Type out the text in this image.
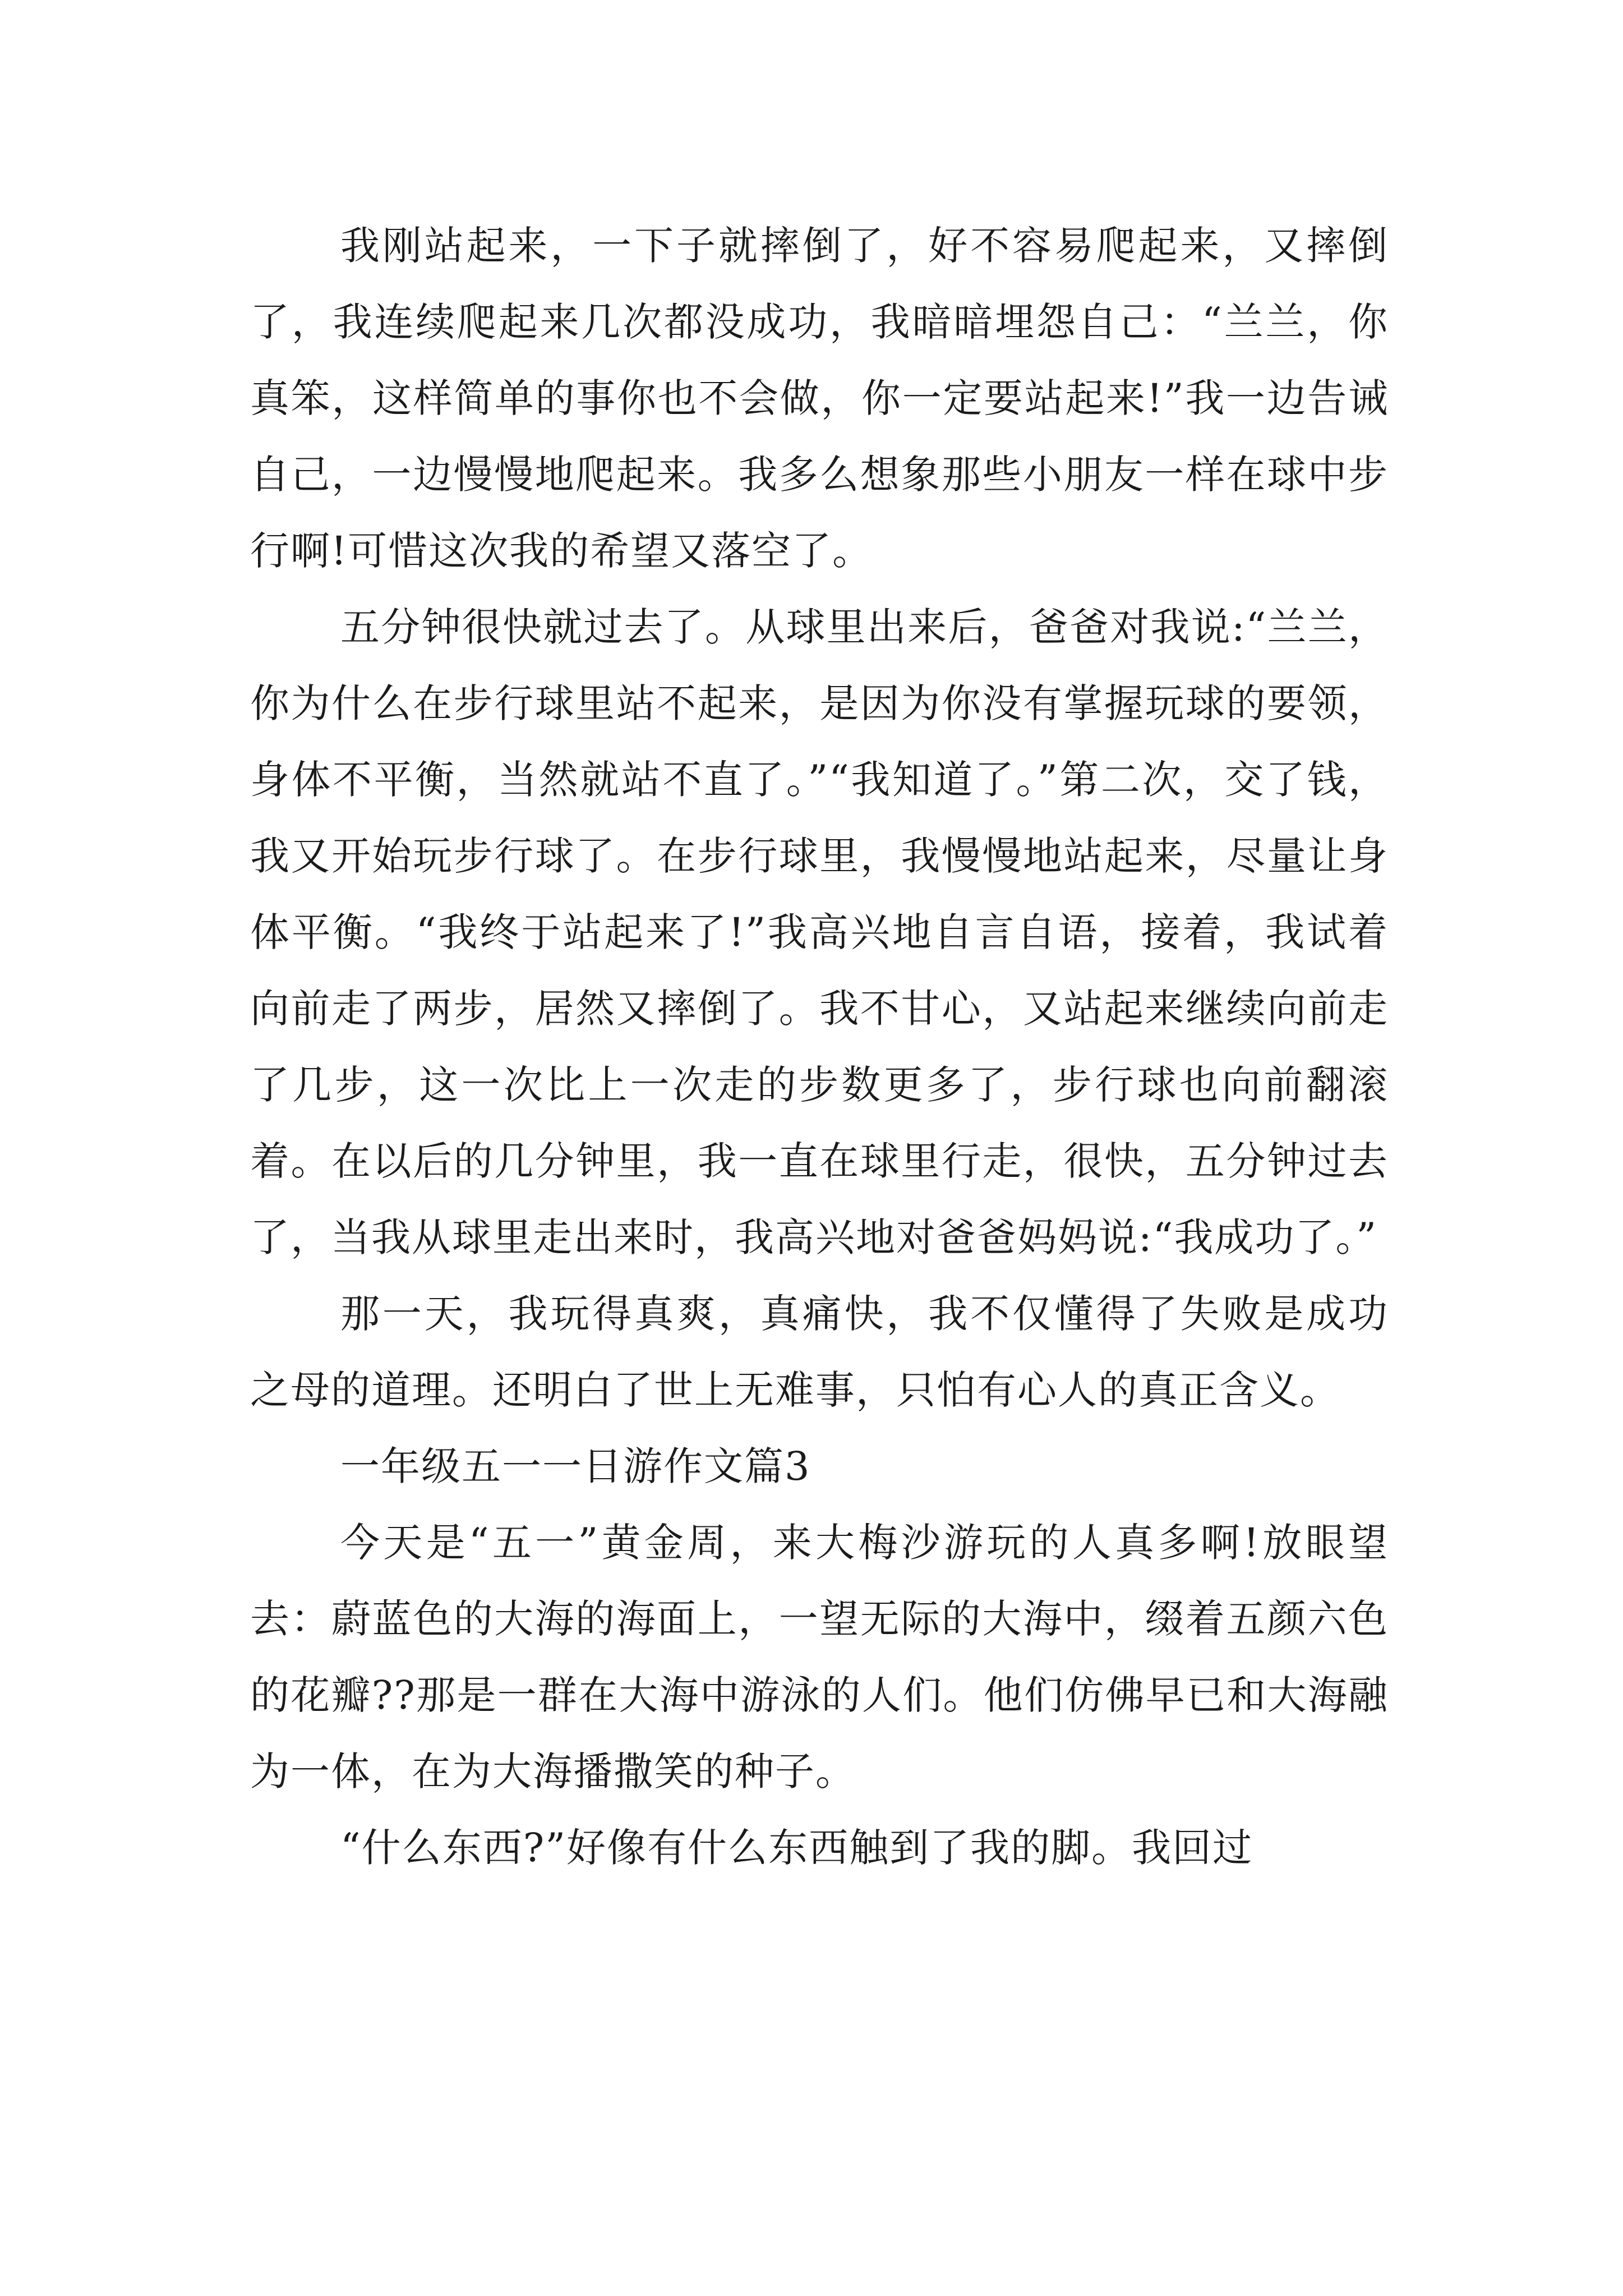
我刚站起来，一下子就摔倒了，好不容易爬起来，又摔倒了，我连续爬起来几次都没成功，我暗暗埋怨自己：“兰兰，你真笨，这样简单的事你也不会做，你一定要站起来!”我一边告诫自己，一边慢慢地爬起来。我多么想象那些小朋友一样在球中步行啊!可惜这次我的希望又落空了。

五分钟很快就过去了。从球里出来后，爸爸对我说:“兰兰，你为什么在步行球里站不起来，是因为你没有掌握玩球的要领，身体不平衡，当然就站不直了。”“我知道了。”第二次，交了钱，我又开始玩步行球了。在步行球里，我慢慢地站起来，尽量让身体平衡。“我终于站起来了!”我高兴地自言自语，接着，我试着向前走了两步，居然又摔倒了。我不甘心，又站起来继续向前走了几步，这一次比上一次走的步数更多了，步行球也向前翻滚着。在以后的几分钟里，我一直在球里行走，很快，五分钟过去了，当我从球里走出来时，我高兴地对爸爸妈妈说:“我成功了。”

那一天，我玩得真爽，真痛快，我不仅懂得了失败是成功之母的道理。还明白了世上无难事，只怕有心人的真正含义。

一年级五一一日游作文篇3

今天是“五一”黄金周，来大梅沙游玩的人真多啊!放眼望去：蔚蓝色的大海的海面上，一望无际的大海中，缀着五颜六色的花瓣??那是一群在大海中游泳的人们。他们仿佛早已和大海融为一体，在为大海播撒笑的种子。

“什么东西?”好像有什么东西触到了我的脚。我回过
